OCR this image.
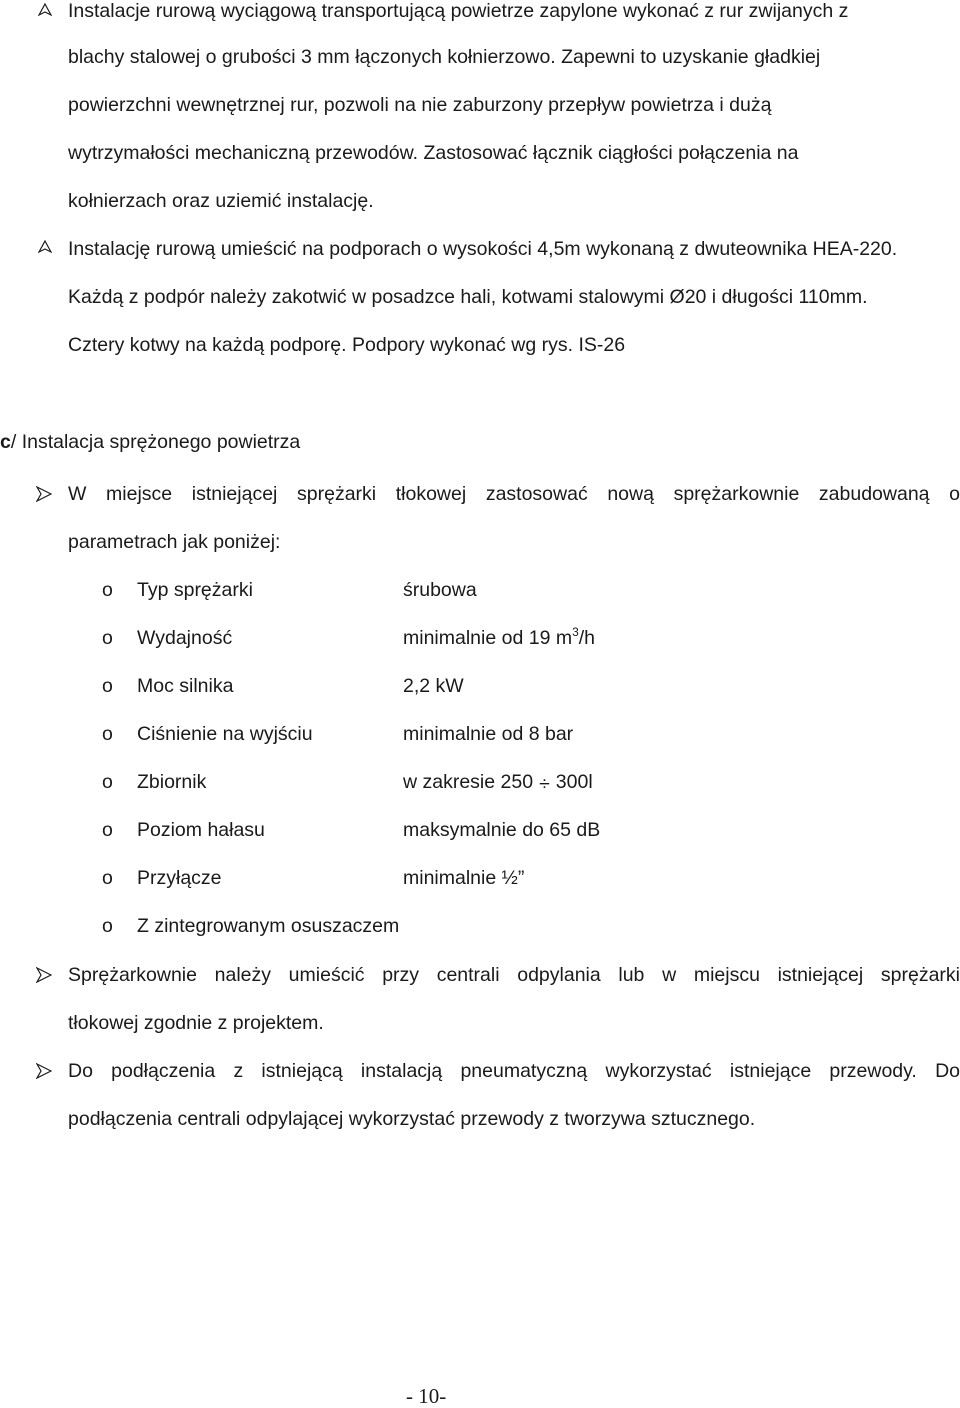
Instalacje rurową wyciągową transportującą powietrze zapylone wykonać z rur zwijanych z
blachy stalowej o grubości 3 mm łączonych kołnierzowo. Zapewni to uzyskanie gładkiej
powierzchni wewnętrznej rur, pozwoli na nie zaburzony przepływ powietrza i dużą
wytrzymałości mechaniczną przewodów. Zastosować łącznik ciągłości połączenia na
kołnierzach oraz uziemić instalację.
Instalację rurową umieścić na podporach o wysokości 4,5m wykonaną z dwuteownika HEA-220.
Każdą z podpór należy zakotwić w posadzce hali, kotwami stalowymi Ø20 i długości 110mm.
Cztery kotwy na każdą podporę. Podpory wykonać wg rys. IS-26
c/ Instalacja sprężonego powietrza
W miejsce istniejącej sprężarki tłokowej zastosować nową sprężarkownie zabudowaną o
parametrach jak poniżej:
o Typ sprężarki	śrubowa
o Wydajność	minimalnie od 19 $m^3/h$
o Moc silnika	2,2 kW
o Ciśnienie na wyjściu	minimalnie od 8 bar
o Zbiornik	w zakresie 250 ÷ 300l
o Poziom hałasu	maksymalnie do 65 dB
o Przyłącze	minimalnie ½”
o Z zintegrowanym osuszaczem
Sprężarkownie należy umieścić przy centrali odpylania lub w miejscu istniejącej sprężarki
tłokowej zgodnie z projektem.
Do podłączenia z istniejącą instalacją pneumatyczną wykorzystać istniejące przewody. Do
podłączenia centrali odpylającej wykorzystać przewody z tworzywa sztucznego.
- 10-
